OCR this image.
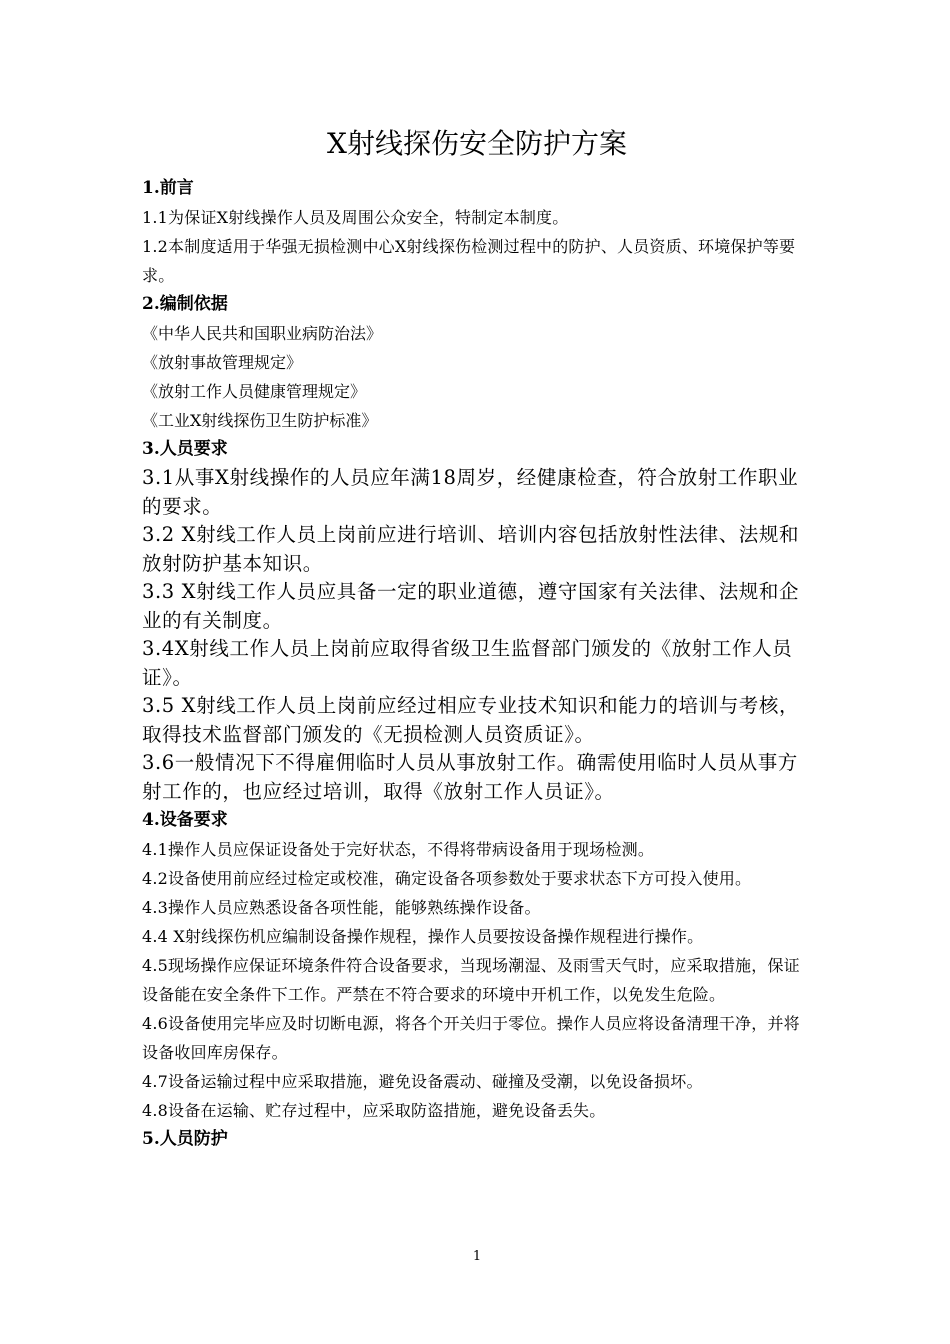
X射线探伤安全防护方案
1.前言
1.1为保证X射线操作人员及周围公众安全，特制定本制度。
1.2本制度适用于华强无损检测中心X射线探伤检测过程中的防护、人员资质、环境保护等要求。
2.编制依据
《中华人民共和国职业病防治法》
《放射事故管理规定》
《放射工作人员健康管理规定》
《工业X射线探伤卫生防护标准》
3.人员要求
3.1从事X射线操作的人员应年满18周岁，经健康检查，符合放射工作职业的要求。
3.2 X射线工作人员上岗前应进行培训、培训内容包括放射性法律、法规和放射防护基本知识。
3.3 X射线工作人员应具备一定的职业道德，遵守国家有关法律、法规和企业的有关制度。
3.4X射线工作人员上岗前应取得省级卫生监督部门颁发的《放射工作人员证》。
3.5 X射线工作人员上岗前应经过相应专业技术知识和能力的培训与考核，取得技术监督部门颁发的《无损检测人员资质证》。
3.6一般情况下不得雇佣临时人员从事放射工作。确需使用临时人员从事方射工作的，也应经过培训，取得《放射工作人员证》。
4.设备要求
4.1操作人员应保证设备处于完好状态，不得将带病设备用于现场检测。
4.2设备使用前应经过检定或校准，确定设备各项参数处于要求状态下方可投入使用。
4.3操作人员应熟悉设备各项性能，能够熟练操作设备。
4.4 X射线探伤机应编制设备操作规程，操作人员要按设备操作规程进行操作。
4.5现场操作应保证环境条件符合设备要求，当现场潮湿、及雨雪天气时，应采取措施，保证设备能在安全条件下工作。严禁在不符合要求的环境中开机工作，以免发生危险。
4.6设备使用完毕应及时切断电源，将各个开关归于零位。操作人员应将设备清理干净，并将设备收回库房保存。
4.7设备运输过程中应采取措施，避免设备震动、碰撞及受潮，以免设备损坏。
4.8设备在运输、贮存过程中，应采取防盗措施，避免设备丢失。
5.人员防护
1
